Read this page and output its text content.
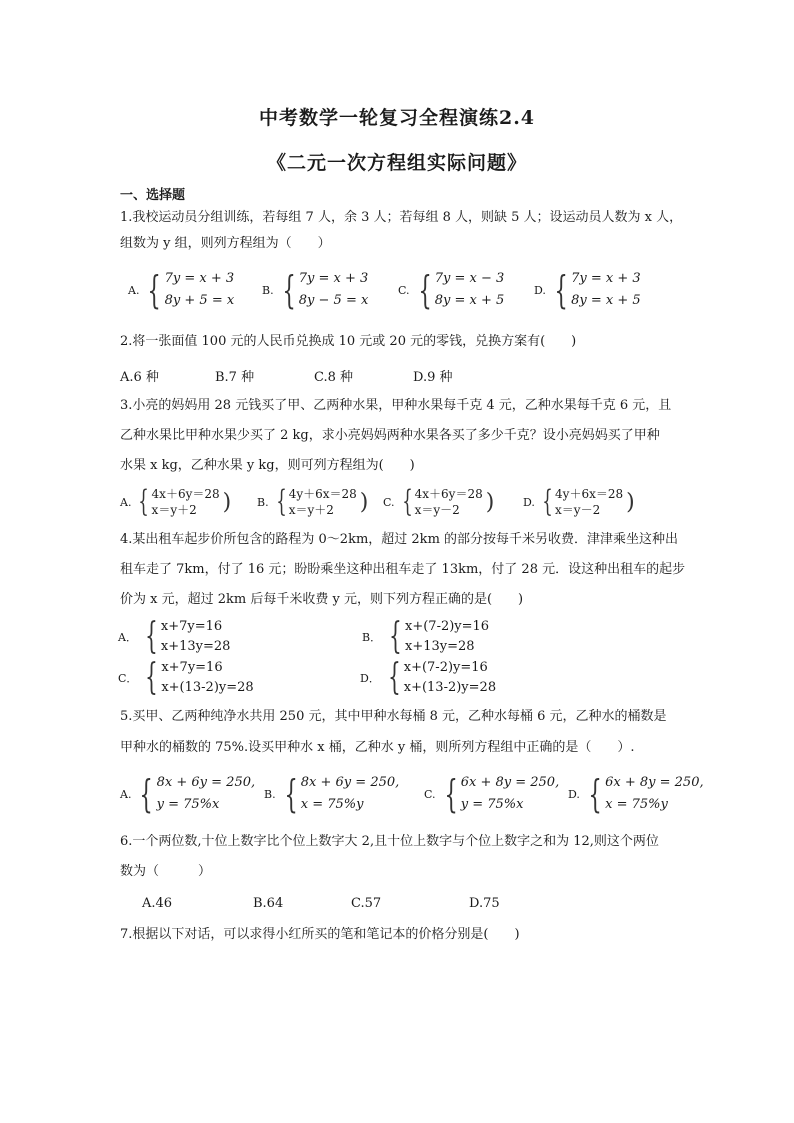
中考数学一轮复习全程演练2.4
《二元一次方程组实际问题》
一、选择题
1.我校运动员分组训练，若每组 7 人，余 3 人；若每组 8 人，则缺 5 人；设运动员人数为 x 人，
组数为 y 组，则列方程组为（　　）
A. { 7y = x + 3
8y + 5 = x
B. { 7y = x + 3
8y − 5 = x
C. { 7y = x − 3
8y = x + 5
D. { 7y = x + 3
8y = x + 5
2.将一张面值 100 元的人民币兑换成 10 元或 20 元的零钱，兑换方案有(　　)
A.6 种	B.7 种	C.8 种	D.9 种
3.小亮的妈妈用 28 元钱买了甲、乙两种水果，甲种水果每千克 4 元，乙种水果每千克 6 元，且
乙种水果比甲种水果少买了 2 kg，求小亮妈妈两种水果各买了多少千克？设小亮妈妈买了甲种
水果 x kg，乙种水果 y kg，则可列方程组为(　　)
A. { 4x＋6y＝28
x＝y＋2	) B. { 4y＋6x＝28
x＝y＋2	) C. { 4x＋6y＝28
x＝y－2	)	D. { 4y＋6x＝28
x＝y－2	)
4.某出租车起步价所包含的路程为 0～2km，超过 2km 的部分按每千米另收费．津津乘坐这种出
租车走了 7km，付了 16 元；盼盼乘坐这种出租车走了 13km，付了 28 元．设这种出租车的起步
价为 x 元，超过 2km 后每千米收费 y 元，则下列方程正确的是(　　)
A． { x+7y=16
x+13y=28
B． { x+(7-2)y=16
x+13y=28
C． { x+7y=16
x+(13-2)y=28
D． { x+(7-2)y=16
x+(13-2)y=28
5.买甲、乙两种纯净水共用 250 元，其中甲种水每桶 8 元，乙种水每桶 6 元，乙种水的桶数是
甲种水的桶数的 75%.设买甲种水 x 桶，乙种水 y 桶，则所列方程组中正确的是（　　）.
A. { 8x + 6y = 250,
y = 75%x
B. { 8x + 6y = 250,
x = 75%y
C. { 6x + 8y = 250,
y = 75%x
D. { 6x + 8y = 250,
x = 75%y
6.一个两位数,十位上数字比个位上数字大 2,且十位上数字与个位上数字之和为 12,则这个两位
数为（　　　）
A.46	B.64	C.57	D.75
7.根据以下对话，可以求得小红所买的笔和笔记本的价格分别是(　　)
